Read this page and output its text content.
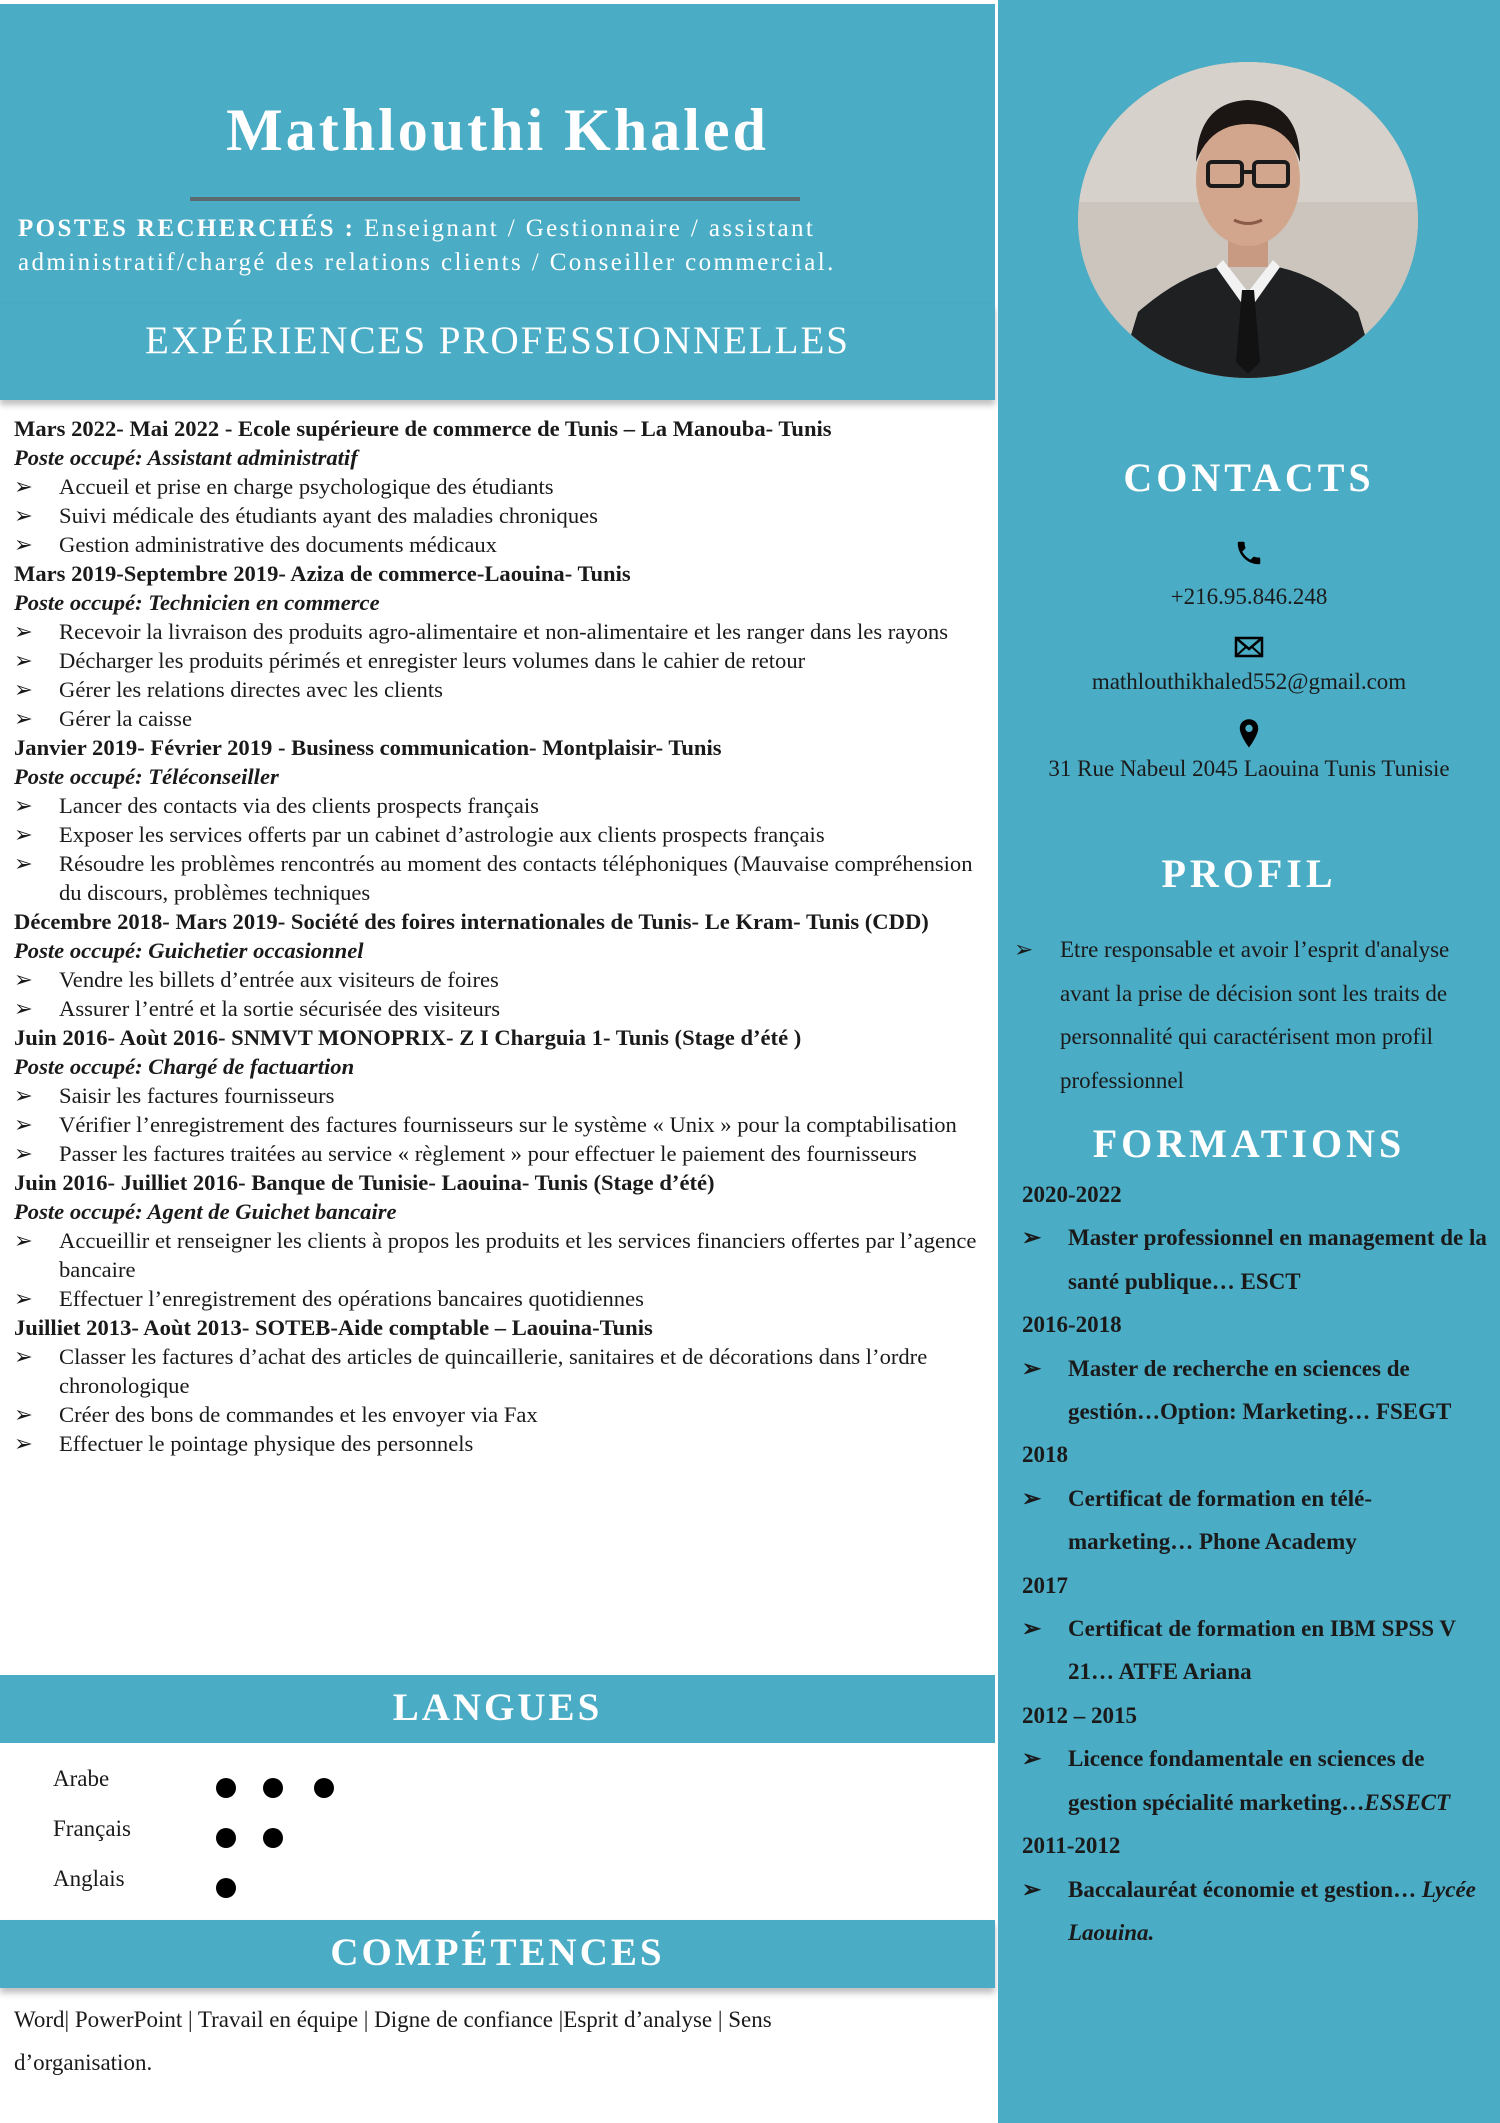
Mathlouthi Khaled
POSTES RECHERCHÉS : Enseignant / Gestionnaire / assistant administratif/chargé des relations clients / Conseiller commercial.
EXPÉRIENCES PROFESSIONNELLES
Mars 2022- Mai 2022 - Ecole supérieure de commerce de Tunis – La Manouba- Tunis
Poste occupé: Assistant administratif
➢ Accueil et prise en charge psychologique des étudiants
➢ Suivi médicale des étudiants ayant des maladies chroniques
➢ Gestion administrative des documents médicaux
Mars 2019-Septembre 2019- Aziza de commerce-Laouina- Tunis
Poste occupé: Technicien en commerce
➢ Recevoir la livraison des produits agro-alimentaire et non-alimentaire et les ranger dans les rayons
➢ Décharger les produits périmés et enregister leurs volumes dans le cahier de retour
➢ Gérer les relations directes avec les clients
➢ Gérer la caisse
Janvier 2019- Février 2019 - Business communication- Montplaisir- Tunis
Poste occupé: Téléconseiller
➢ Lancer des contacts via des clients prospects français
➢ Exposer les services offerts par un cabinet d’astrologie aux clients prospects français
➢ Résoudre les problèmes rencontrés au moment des contacts téléphoniques (Mauvaise compréhension du discours, problèmes techniques
Décembre 2018- Mars 2019- Société des foires internationales de Tunis- Le Kram- Tunis (CDD)
Poste occupé: Guichetier occasionnel
➢ Vendre les billets d’entrée aux visiteurs de foires
➢ Assurer l’entré et la sortie sécurisée des visiteurs
Juin 2016- Aoùt 2016- SNMVT MONOPRIX- Z I Charguia 1- Tunis (Stage d’été )
Poste occupé: Chargé de factuartion
➢ Saisir les factures fournisseurs
➢ Vérifier l’enregistrement des factures fournisseurs sur le système « Unix » pour la comptabilisation
➢ Passer les factures traitées au service « règlement » pour effectuer le paiement des fournisseurs
Juin 2016- Juilliet 2016- Banque de Tunisie- Laouina- Tunis (Stage d’été)
Poste occupé: Agent de Guichet bancaire
➢ Accueillir et renseigner les clients à propos les produits et les services financiers offertes par l’agence bancaire
➢ Effectuer l’enregistrement des opérations bancaires quotidiennes
Juilliet 2013- Aoùt 2013- SOTEB-Aide comptable – Laouina-Tunis
➢ Classer les factures d’achat des articles de quincaillerie, sanitaires et de décorations dans l’ordre chronologique
➢ Créer des bons de commandes et les envoyer via Fax
➢ Effectuer le pointage physique des personnels
LANGUES
COMPÉTENCES
Word| PowerPoint | Travail en équipe | Digne de confiance |Esprit d’analyse | Sens d’organisation.
CONTACTS
+216.95.846.248
mathlouthikhaled552@gmail.com
31 Rue Nabeul 2045 Laouina Tunis Tunisie
PROFIL
➢ Etre responsable et avoir l’esprit d'analyse avant la prise de décision sont les traits de personnalité qui caractérisent mon profil professionnel
FORMATIONS
2020-2022
➢ Master professionnel en management de la santé publique… ESCT
2016-2018
➢ Master de recherche en sciences de gestión…Option: Marketing… FSEGT
2018
➢ Certificat de formation en télé-marketing… Phone Academy
2017
➢ Certificat de formation en IBM SPSS V 21… ATFE Ariana
2012 – 2015
➢ Licence fondamentale en sciences de gestion spécialité marketing…ESSECT
2011-2012
➢ Baccalauréat économie et gestion… Lycée Laouina.
Arabe
Français
Anglais
